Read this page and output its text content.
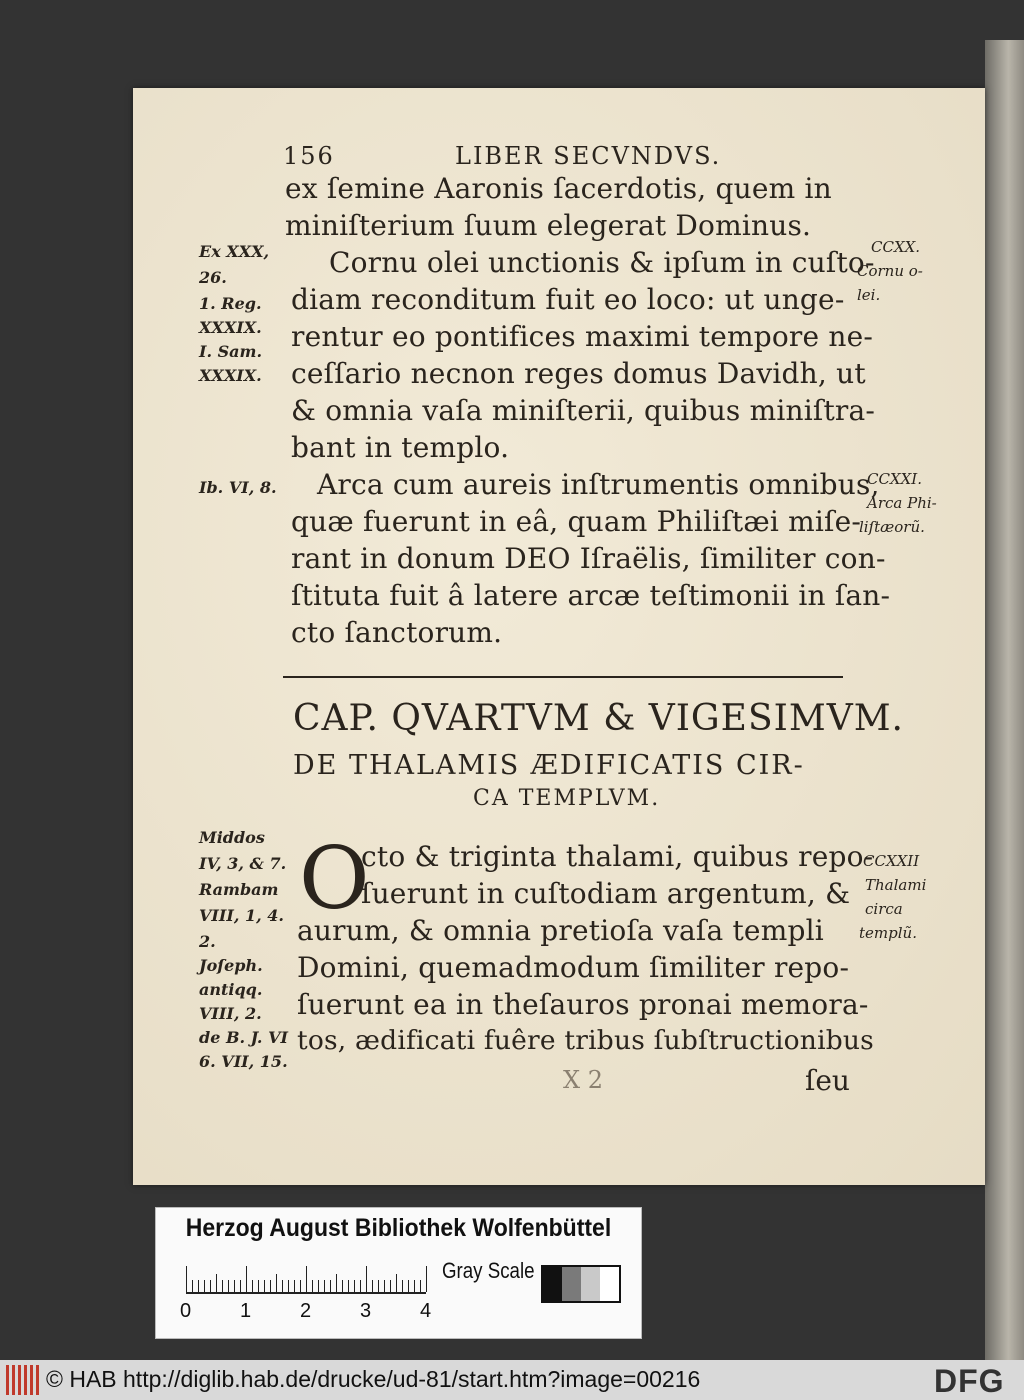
156	LIBER SECVNDVS.
ex ſemine Aaronis ſacerdotis, quem in
miniſterium ſuum elegerat Dominus.
Cornu olei unctionis & ipſum in cuſto-
diam reconditum fuit eo loco: ut unge-
rentur eo pontifices maximi tempore ne-
ceſſario necnon reges domus Davidh, ut
& omnia vaſa miniſterii, quibus miniſtra-
bant in templo.
Arca cum aureis inſtrumentis omnibus,
quæ fuerunt in eâ, quam Philiſtæi miſe-
rant in donum DEO Iſraëlis, ſimiliter con-
ſtituta fuit â latere arcæ teſtimonii in ſan-
cto ſanctorum.
Ex XXX,
26.
1. Reg.
XXXIX.
I. Sam.
XXXIX.
Ib. VI, 8.
CCXX.
Cornu o-
lei.
CCXXI.
Arca Phi-
liſtæorũ.
CAP. QVARTVM & VIGESIMVM.
DE THALAMIS ÆDIFICATIS CIR-
CA TEMPLVM.
O
cto & triginta thalami, quibus repo-
ſuerunt in cuſtodiam argentum, &
aurum, & omnia pretioſa vaſa templi
Domini, quemadmodum ſimiliter repo-
ſuerunt ea in theſauros pronai memora-
tos, ædificati fuêre tribus ſubſtructionibus
ſeu
X 2
Middos
IV, 3, & 7.
Rambam
VIII, 1, 4.
2.
Joſeph.
antiqq.
VIII, 2.
de B. J. VI
6. VII, 15.
CCXXII
Thalami
circa
templũ.
Herzog August Bibliothek Wolfenbüttel
0 1 2 3 4
Gray Scale
© HAB http://diglib.hab.de/drucke/ud-81/start.htm?image=00216	DFG
